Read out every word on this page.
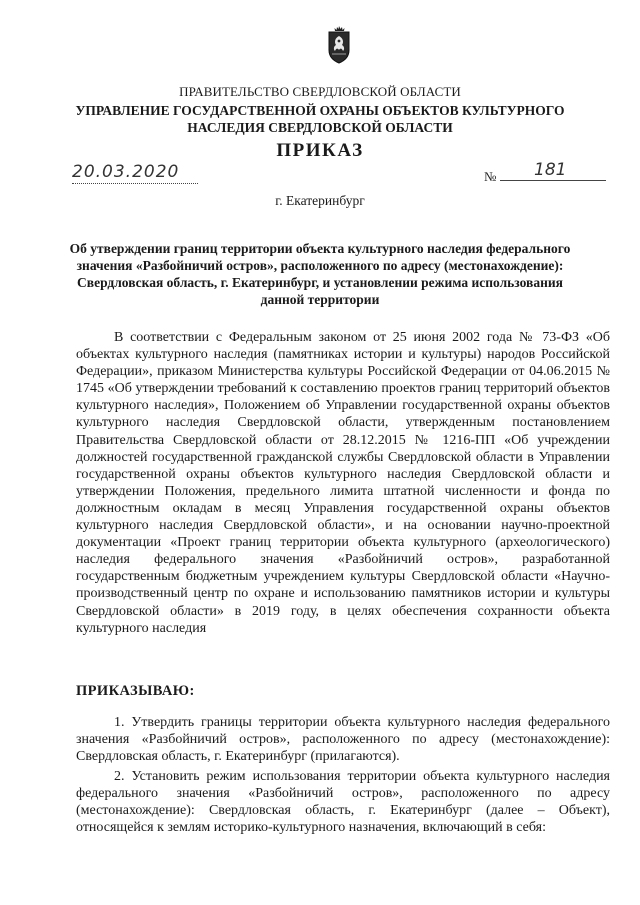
ПРАВИТЕЛЬСТВО СВЕРДЛОВСКОЙ ОБЛАСТИ
УПРАВЛЕНИЕ ГОСУДАРСТВЕННОЙ ОХРАНЫ ОБЪЕКТОВ КУЛЬТУРНОГО НАСЛЕДИЯ СВЕРДЛОВСКОЙ ОБЛАСТИ
ПРИКАЗ
20.03.2020	№	181
г. Екатеринбург
Об утверждении границ территории объекта культурного наследия федерального значения «Разбойничий остров», расположенного по адресу (местонахождение): Свердловская область, г. Екатеринбург, и установлении режима использования данной территории
В соответствии с Федеральным законом от 25 июня 2002 года № 73-ФЗ «Об объектах культурного наследия (памятниках истории и культуры) народов Российской Федерации», приказом Министерства культуры Российской Федерации от 04.06.2015 № 1745 «Об утверждении требований к составлению проектов границ территорий объектов культурного наследия», Положением об Управлении государственной охраны объектов культурного наследия Свердловской области, утвержденным постановлением Правительства Свердловской области от 28.12.2015 № 1216-ПП «Об учреждении должностей государственной гражданской службы Свердловской области в Управлении государственной охраны объектов культурного наследия Свердловской области и утверждении Положения, предельного лимита штатной численности и фонда по должностным окладам в месяц Управления государственной охраны объектов культурного наследия Свердловской области», и на основании научно-проектной документации «Проект границ территории объекта культурного (археологического) наследия федерального значения «Разбойничий остров», разработанной государственным бюджетным учреждением культуры Свердловской области «Научно-производственный центр по охране и использованию памятников истории и культуры Свердловской области» в 2019 году, в целях обеспечения сохранности объекта культурного наследия
ПРИКАЗЫВАЮ:
1. Утвердить границы территории объекта культурного наследия федерального значения «Разбойничий остров», расположенного по адресу (местонахождение): Свердловская область, г. Екатеринбург (прилагаются).
2. Установить режим использования территории объекта культурного наследия федерального значения «Разбойничий остров», расположенного по адресу (местонахождение): Свердловская область, г. Екатеринбург (далее – Объект), относящейся к землям историко-культурного назначения, включающий в себя:
